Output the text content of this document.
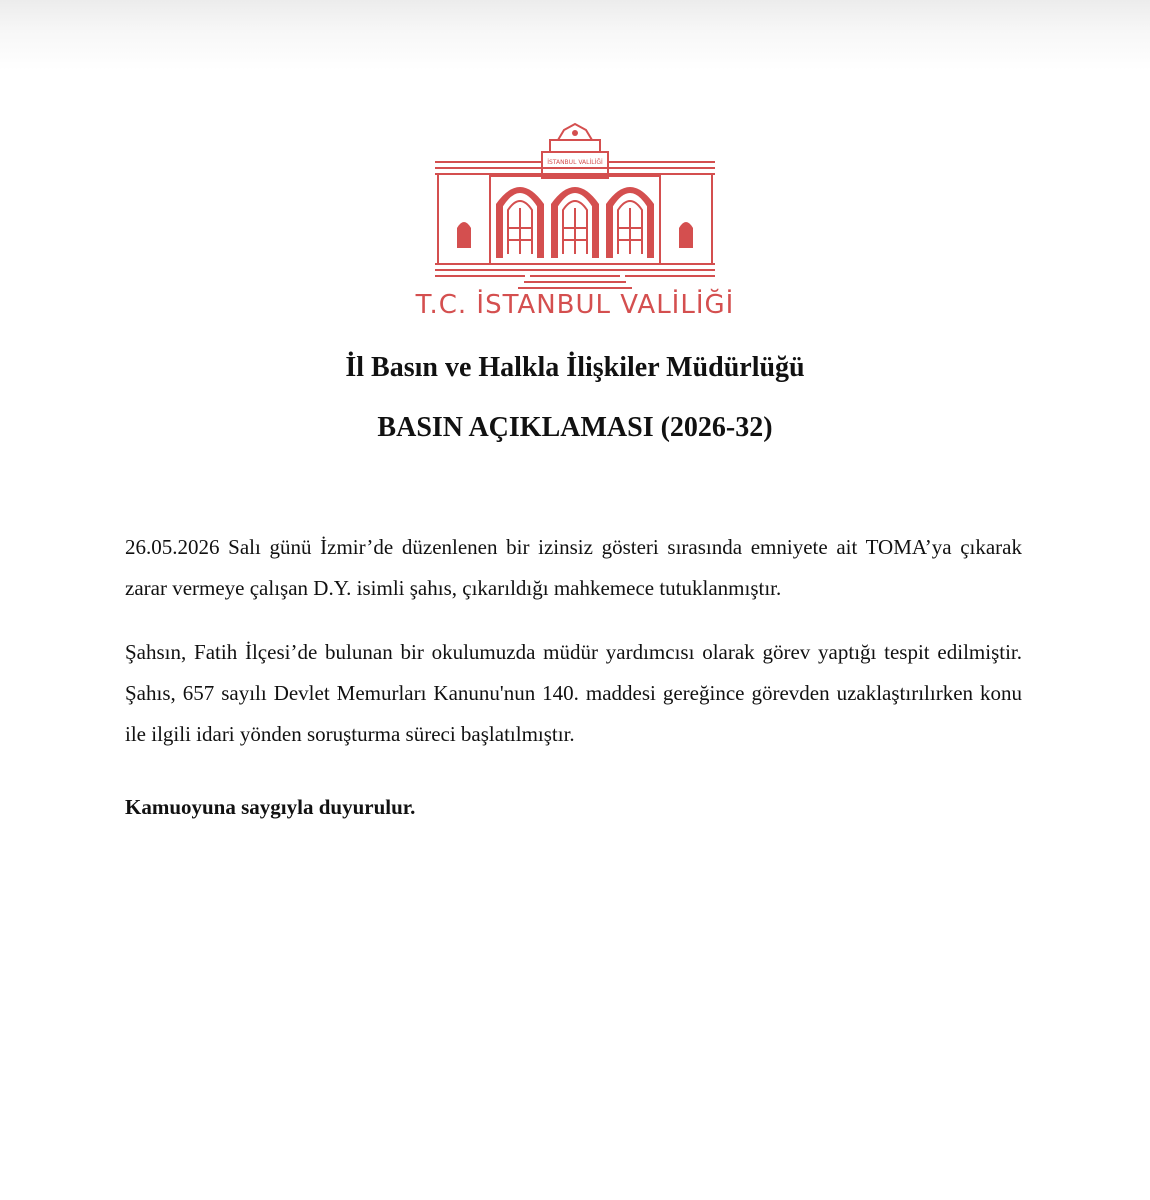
İSTANBUL VALİLİĞİ

T.C. İSTANBUL VALİLİĞİ

İl Basın ve Halkla İlişkiler Müdürlüğü
BASIN AÇIKLAMASI (2026-32)

26.05.2026 Salı günü İzmir’de düzenlenen bir izinsiz gösteri sırasında emniyete ait TOMA’ya çıkarak zarar vermeye çalışan D.Y. isimli şahıs, çıkarıldığı mahkemece tutuklanmıştır.

Şahsın, Fatih İlçesi’de bulunan bir okulumuzda müdür yardımcısı olarak görev yaptığı tespit edilmiştir. Şahıs, 657 sayılı Devlet Memurları Kanunu'nun 140. maddesi gereğince görevden uzaklaştırılırken konu ile ilgili idari yönden soruşturma süreci başlatılmıştır.

Kamuoyuna saygıyla duyurulur.
